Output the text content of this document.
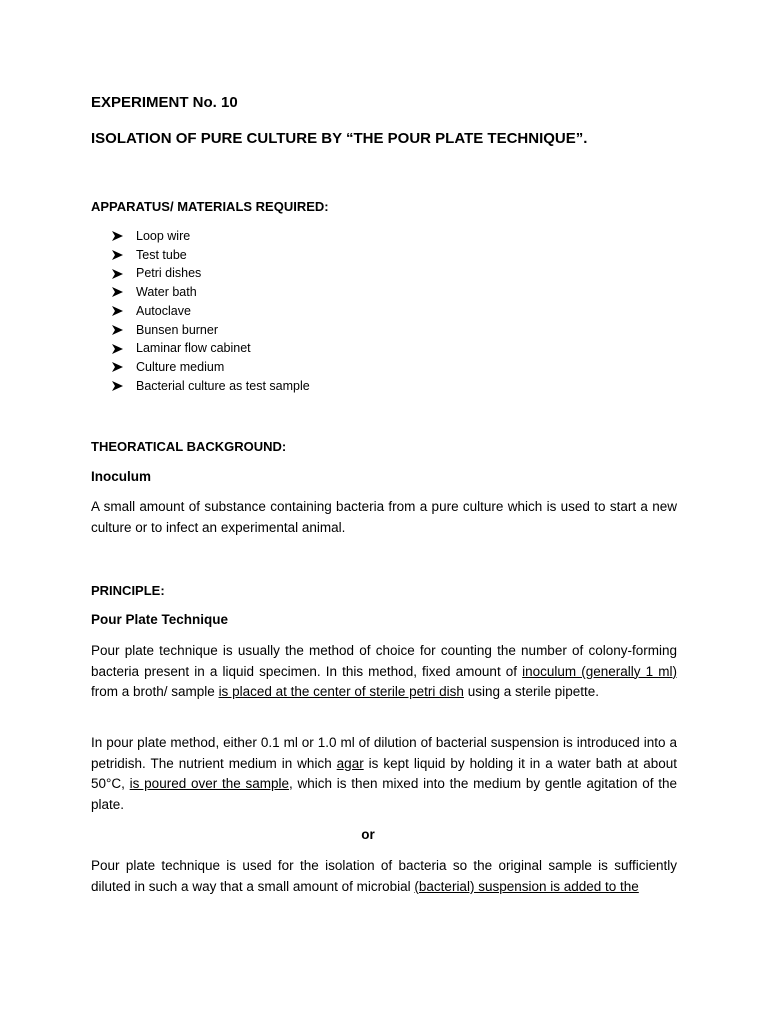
EXPERIMENT No. 10
ISOLATION OF PURE CULTURE BY “THE POUR PLATE TECHNIQUE”.
APPARATUS/ MATERIALS REQUIRED:
Loop wire
Test tube
Petri dishes
Water bath
Autoclave
Bunsen burner
Laminar flow cabinet
Culture medium
Bacterial culture as test sample
THEORATICAL BACKGROUND:
Inoculum
A small amount of substance containing bacteria from a pure culture which is used to start a new culture or to infect an experimental animal.
PRINCIPLE:
Pour Plate Technique
Pour plate technique is usually the method of choice for counting the number of colony-forming bacteria present in a liquid specimen. In this method, fixed amount of inoculum (generally 1 ml) from a broth/ sample is placed at the center of sterile petri dish using a sterile pipette.
In pour plate method, either 0.1 ml or 1.0 ml of dilution of bacterial suspension is introduced into a petridish. The nutrient medium in which agar is kept liquid by holding it in a water bath at about 50°C, is poured over the sample, which is then mixed into the medium by gentle agitation of the plate.
or
Pour plate technique is used for the isolation of bacteria so the original sample is sufficiently diluted in such a way that a small amount of microbial (bacterial) suspension is added to the
